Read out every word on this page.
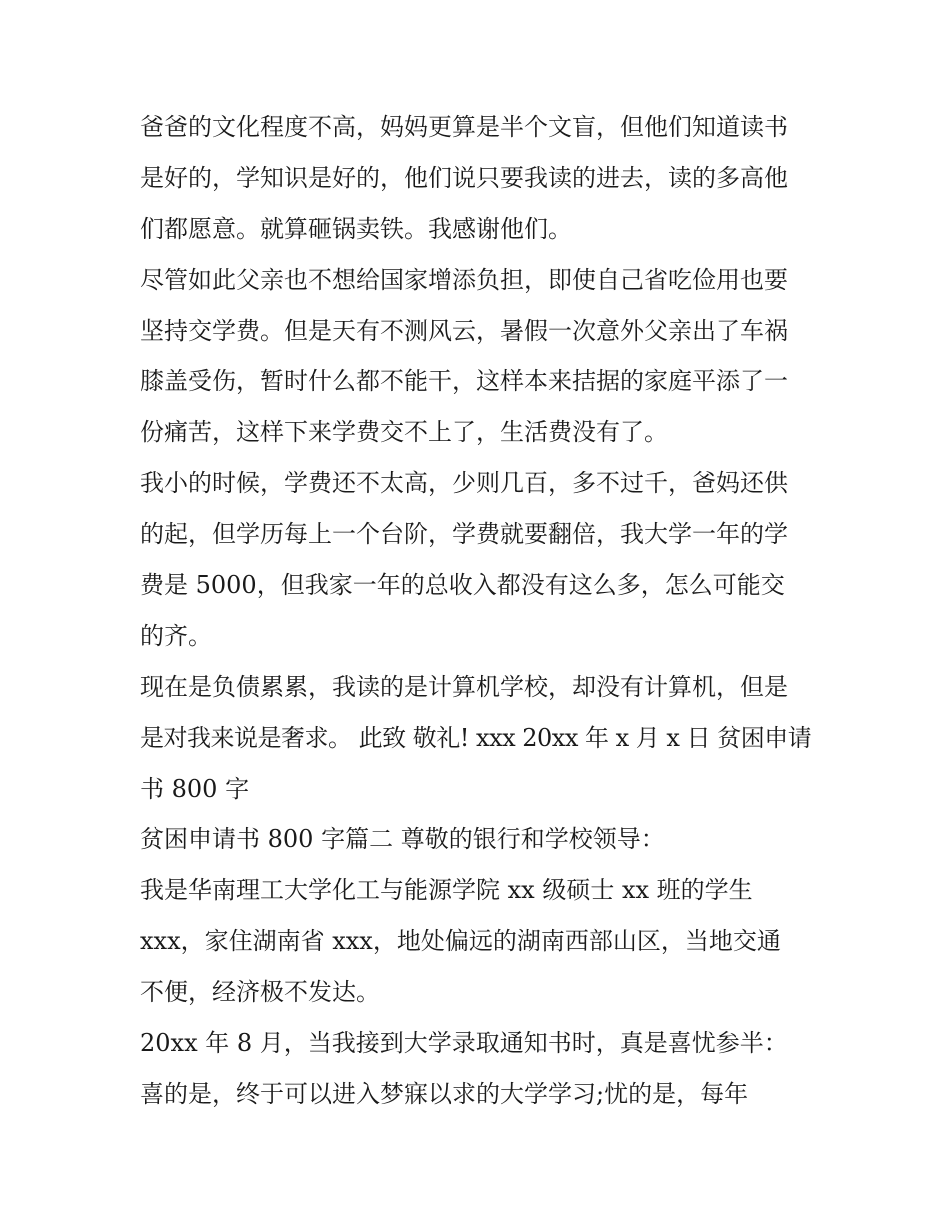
爸爸的文化程度不高，妈妈更算是半个文盲，但他们知道读书
是好的，学知识是好的，他们说只要我读的进去，读的多高他
们都愿意。就算砸锅卖铁。我感谢他们。
尽管如此父亲也不想给国家增添负担，即使自己省吃俭用也要
坚持交学费。但是天有不测风云，暑假一次意外父亲出了车祸
膝盖受伤，暂时什么都不能干，这样本来拮据的家庭平添了一
份痛苦，这样下来学费交不上了，生活费没有了。
我小的时候，学费还不太高，少则几百，多不过千，爸妈还供
的起，但学历每上一个台阶，学费就要翻倍，我大学一年的学
费是 5000，但我家一年的总收入都没有这么多，怎么可能交
的齐。
现在是负债累累，我读的是计算机学校，却没有计算机，但是
是对我来说是奢求。 此致 敬礼! xxx 20xx 年 x 月 x 日 贫困申请
书 800 字
贫困申请书 800 字篇二 尊敬的银行和学校领导：
我是华南理工大学化工与能源学院 xx 级硕士 xx 班的学生
xxx，家住湖南省 xxx，地处偏远的湖南西部山区，当地交通
不便，经济极不发达。
20xx 年 8 月，当我接到大学录取通知书时，真是喜忧参半：
喜的是，终于可以进入梦寐以求的大学学习;忧的是，每年
